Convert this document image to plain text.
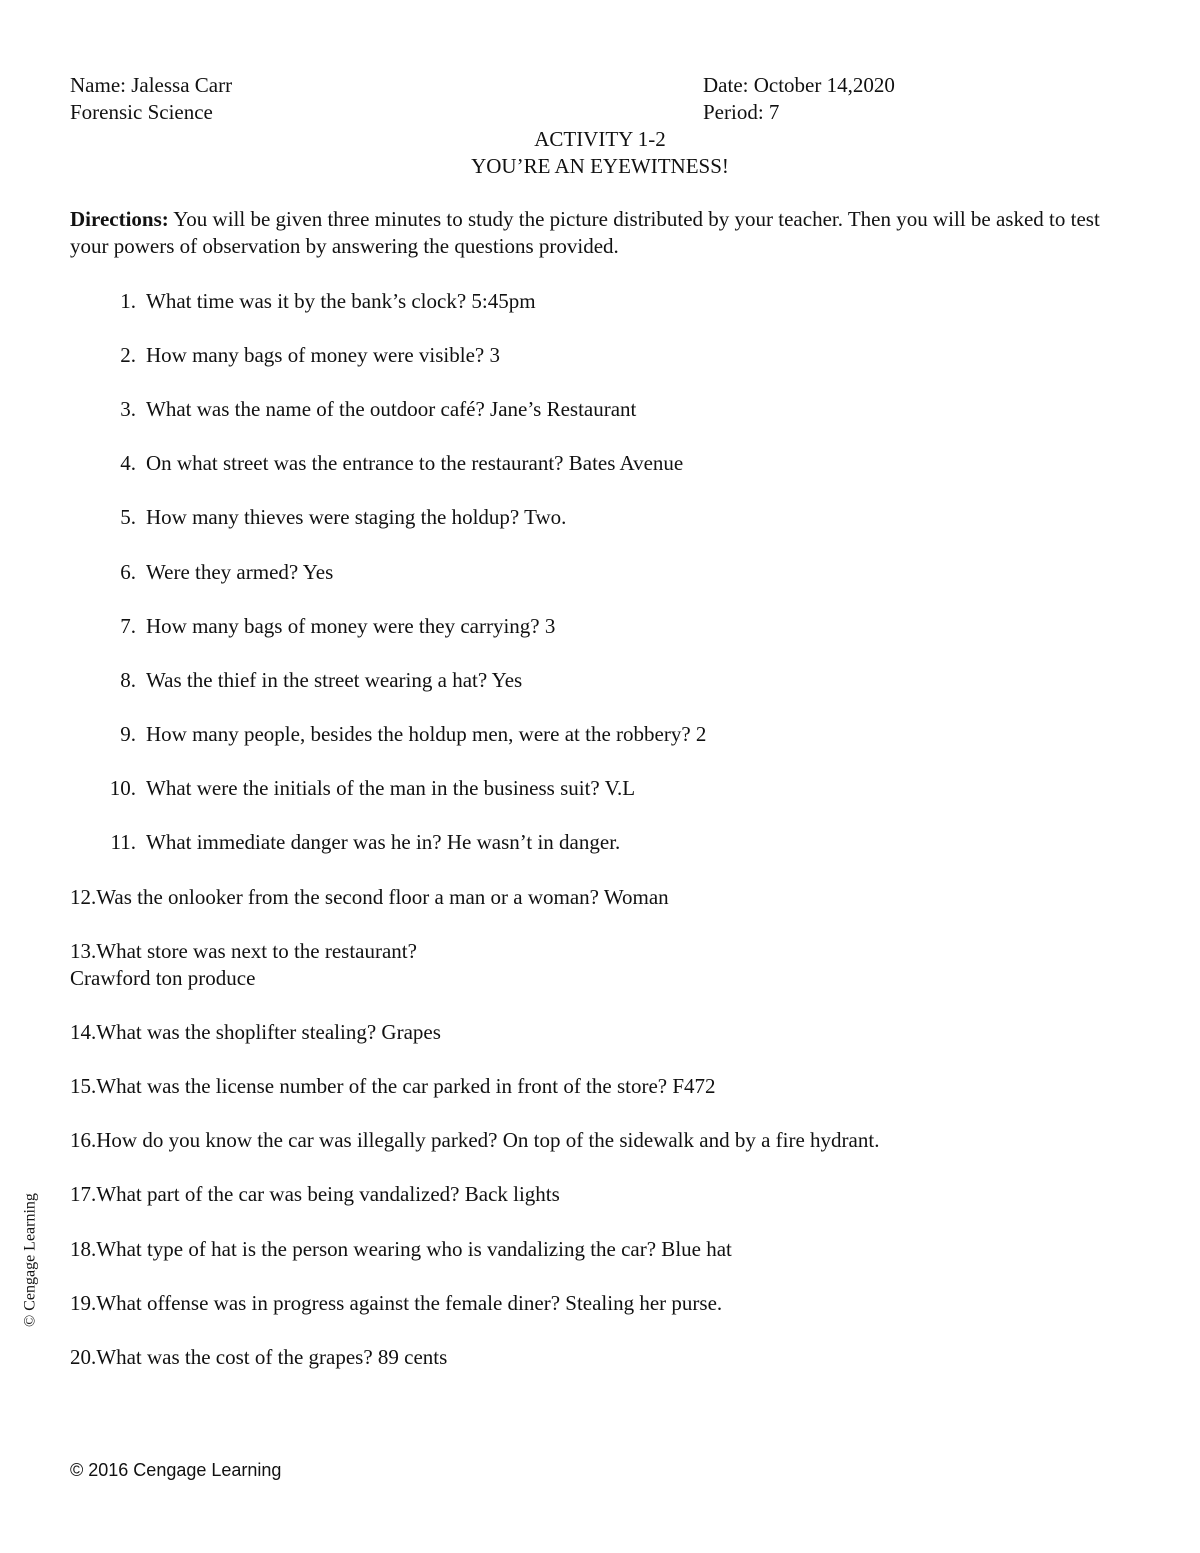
Name: Jalessa Carr
Forensic Science
Date: October 14,2020
Period: 7
ACTIVITY 1-2
YOU’RE AN EYEWITNESS!
Directions: You will be given three minutes to study the picture distributed by your teacher. Then you will be asked to test your powers of observation by answering the questions provided.
1. What time was it by the bank’s clock? 5:45pm
2. How many bags of money were visible? 3
3. What was the name of the outdoor café? Jane’s Restaurant
4. On what street was the entrance to the restaurant? Bates Avenue
5. How many thieves were staging the holdup? Two.
6. Were they armed? Yes
7. How many bags of money were they carrying? 3
8. Was the thief in the street wearing a hat? Yes
9. How many people, besides the holdup men, were at the robbery? 2
10. What were the initials of the man in the business suit? V.L
11. What immediate danger was he in? He wasn’t in danger.
12.Was the onlooker from the second floor a man or a woman? Woman
13.What store was next to the restaurant?
Crawford ton produce
14.What was the shoplifter stealing? Grapes
15.What was the license number of the car parked in front of the store? F472
16.How do you know the car was illegally parked? On top of the sidewalk and by a fire hydrant.
17.What part of the car was being vandalized? Back lights
18.What type of hat is the person wearing who is vandalizing the car? Blue hat
19.What offense was in progress against the female diner? Stealing her purse.
20.What was the cost of the grapes? 89 cents
© Cengage Learning
© 2016 Cengage Learning
